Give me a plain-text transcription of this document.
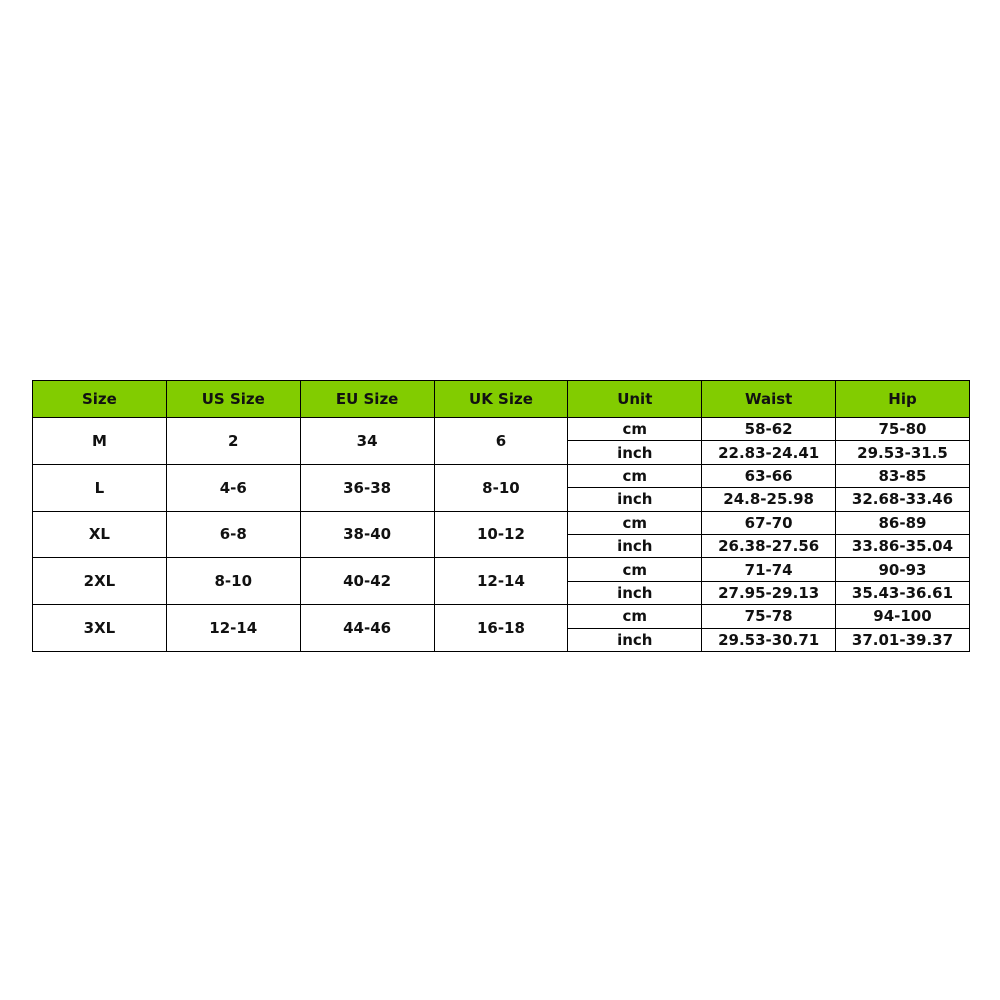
Size	US Size	EU Size	UK Size	Unit	Waist	Hip
M	2	34	6	cm	58-62	75-80
				inch	22.83-24.41	29.53-31.5
L	4-6	36-38	8-10	cm	63-66	83-85
				inch	24.8-25.98	32.68-33.46
XL	6-8	38-40	10-12	cm	67-70	86-89
				inch	26.38-27.56	33.86-35.04
2XL	8-10	40-42	12-14	cm	71-74	90-93
				inch	27.95-29.13	35.43-36.61
3XL	12-14	44-46	16-18	cm	75-78	94-100
				inch	29.53-30.71	37.01-39.37
